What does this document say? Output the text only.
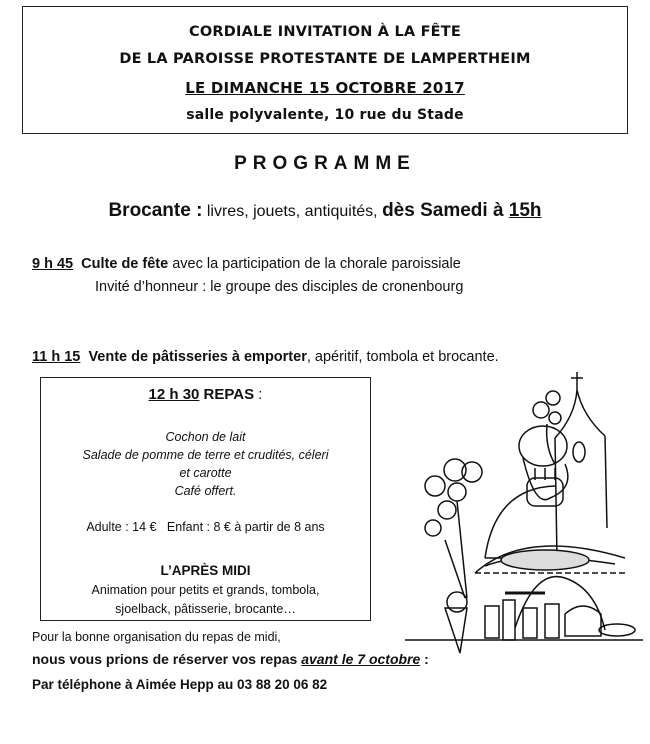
CORDIALE INVITATION À LA FÊTE
DE LA PAROISSE PROTESTANTE DE LAMPERTHEIM
LE DIMANCHE 15 OCTOBRE 2017
salle polyvalente, 10 rue du Stade
PROGRAMME
Brocante : livres, jouets, antiquités, dès Samedi à 15h
9 h 45 Culte de fête avec la participation de la chorale paroissiale
Invité d’honneur : le groupe des disciples de cronenbourg
11 h 15 Vente de pâtisseries à emporter, apéritif, tombola et brocante.
12 h 30 REPAS :
Cochon de lait
Salade de pomme de terre et crudités, céleri
et carotte
Café offert.
Adulte : 14 €   Enfant : 8 € à partir de 8 ans
L’APRÈS MIDI
Animation pour petits et grands, tombola,
sjoelback, pâtisserie, brocante…
Pour la bonne organisation du repas de midi,
nous vous prions de réserver vos repas avant le 7 octobre :
Par téléphone à Aimée Hepp au 03 88 20 06 82
